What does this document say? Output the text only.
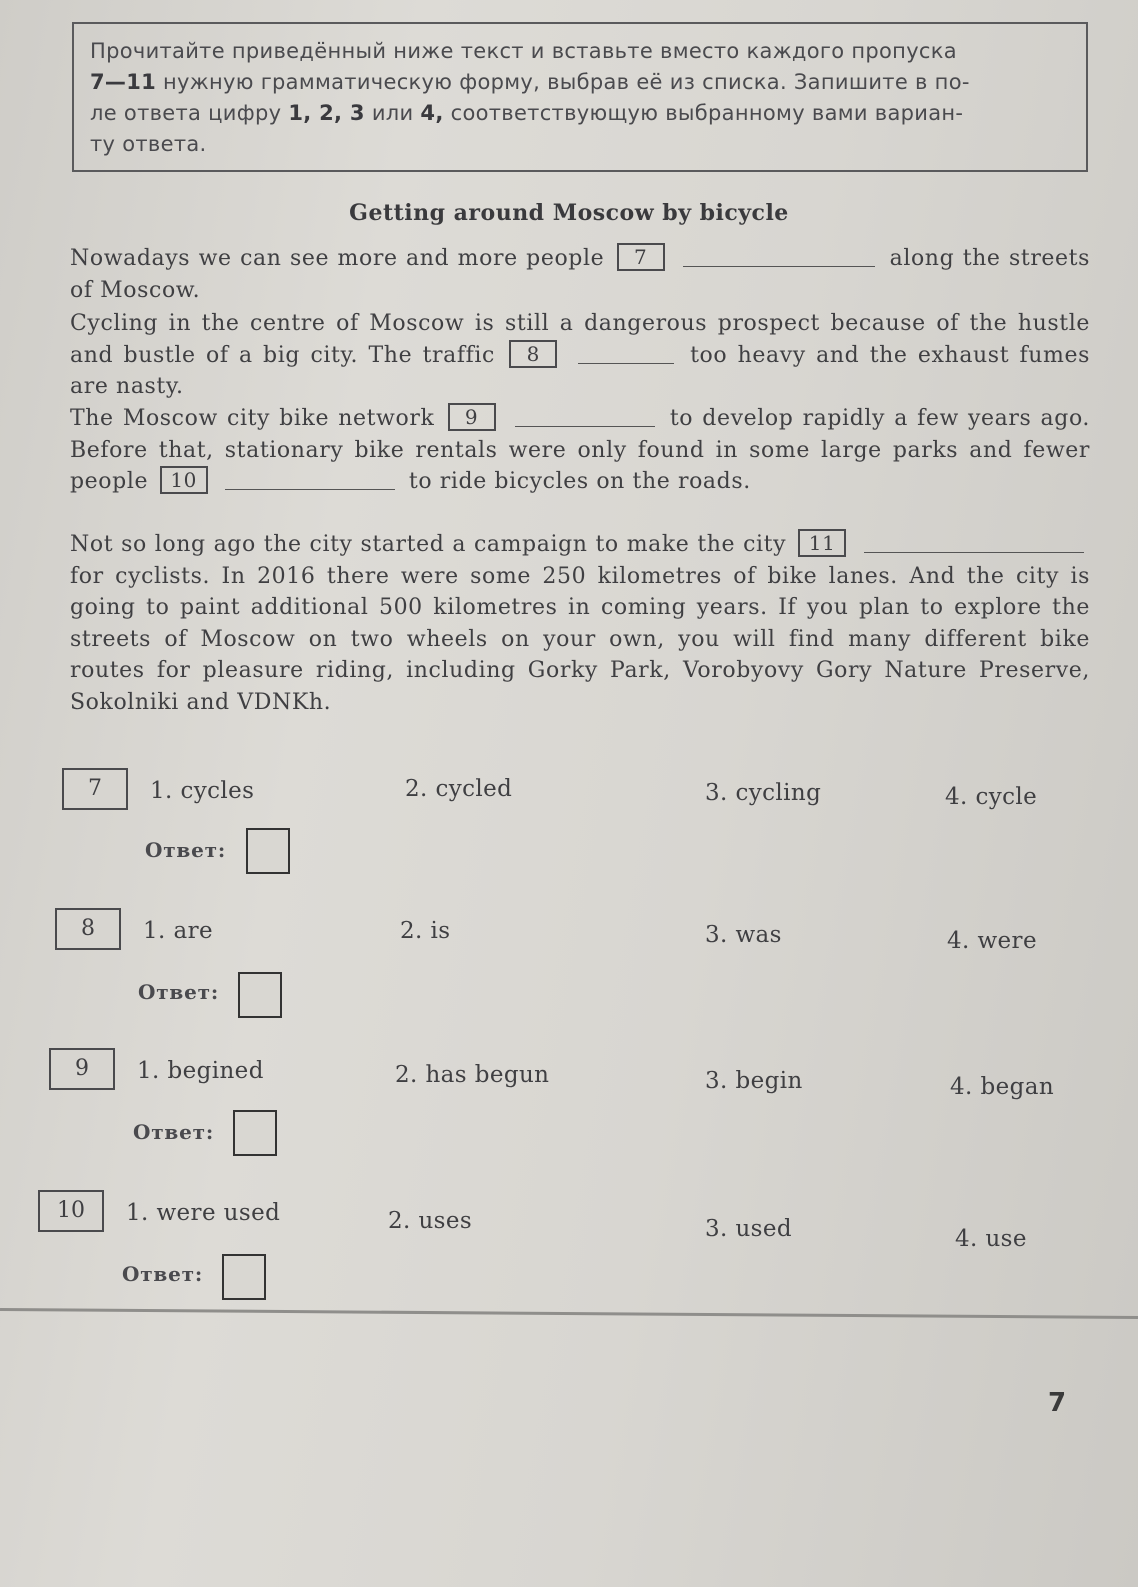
Прочитайте приведённый ниже текст и вставьте вместо каждого пропуска
7—11 нужную грамматическую форму, выбрав её из списка. Запишите в по-
ле ответа цифру 1, 2, 3 или 4, соответствующую выбранному вами вариан-
ту ответа.
Getting around Moscow by bicycle
Nowadays we can see more and more people 7	along the streets of Moscow.
Cycling in the centre of Moscow is still a dangerous prospect because of the hustle and bustle of a big city. The traffic 8	too heavy and the exhaust fumes are nasty.
The Moscow city bike network 9	to develop rapidly a few years ago. Before that, stationary bike rentals were only found in some large parks and fewer people 10	to ride bicycles on the roads.
Not so long ago the city started a campaign to make the city 11  for cyclists. In 2016 there were some 250 kilometres of bike lanes. And the city is going to paint additional 500 kilometres in coming years. If you plan to explore the streets of Moscow on two wheels on your own, you will find many different bike routes for pleasure riding, including Gorky Park, Vorobyovy Gory Nature Preserve, Sokolniki and VDNKh.
7	1. cycles	2. cycled	3. cycling	4. cycle
Ответ:
8	1. are	2. is	3. was	4. were
Ответ:
9	1. begined	2. has begun	3. begin	4. began
Ответ:
10	1. were used	2. uses	3. used	4. use
Ответ:
7
